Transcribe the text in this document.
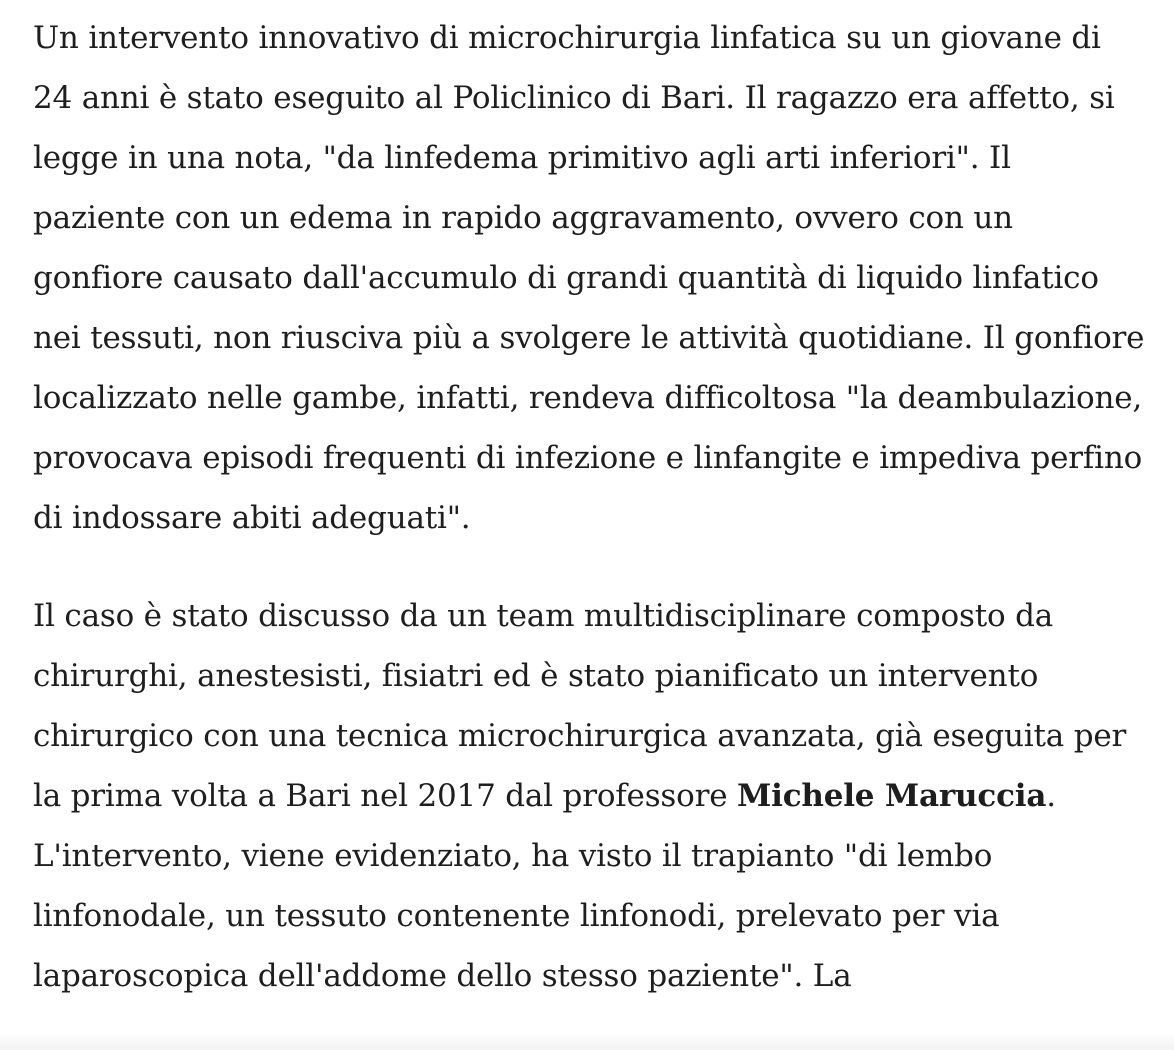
Un intervento innovativo di microchirurgia linfatica su un giovane di 24 anni è stato eseguito al Policlinico di Bari. Il ragazzo era affetto, si legge in una nota, "da linfedema primitivo agli arti inferiori". Il paziente con un edema in rapido aggravamento, ovvero con un gonfiore causato dall'accumulo di grandi quantità di liquido linfatico nei tessuti, non riusciva più a svolgere le attività quotidiane. Il gonfiore localizzato nelle gambe, infatti, rendeva difficoltosa "la deambulazione, provocava episodi frequenti di infezione e linfangite e impediva perfino di indossare abiti adeguati".

Il caso è stato discusso da un team multidisciplinare composto da chirurghi, anestesisti, fisiatri ed è stato pianificato un intervento chirurgico con una tecnica microchirurgica avanzata, già eseguita per la prima volta a Bari nel 2017 dal professore Michele Maruccia. L'intervento, viene evidenziato, ha visto il trapianto "di lembo linfonodale, un tessuto contenente linfonodi, prelevato per via laparoscopica dell'addome dello stesso paziente". La
